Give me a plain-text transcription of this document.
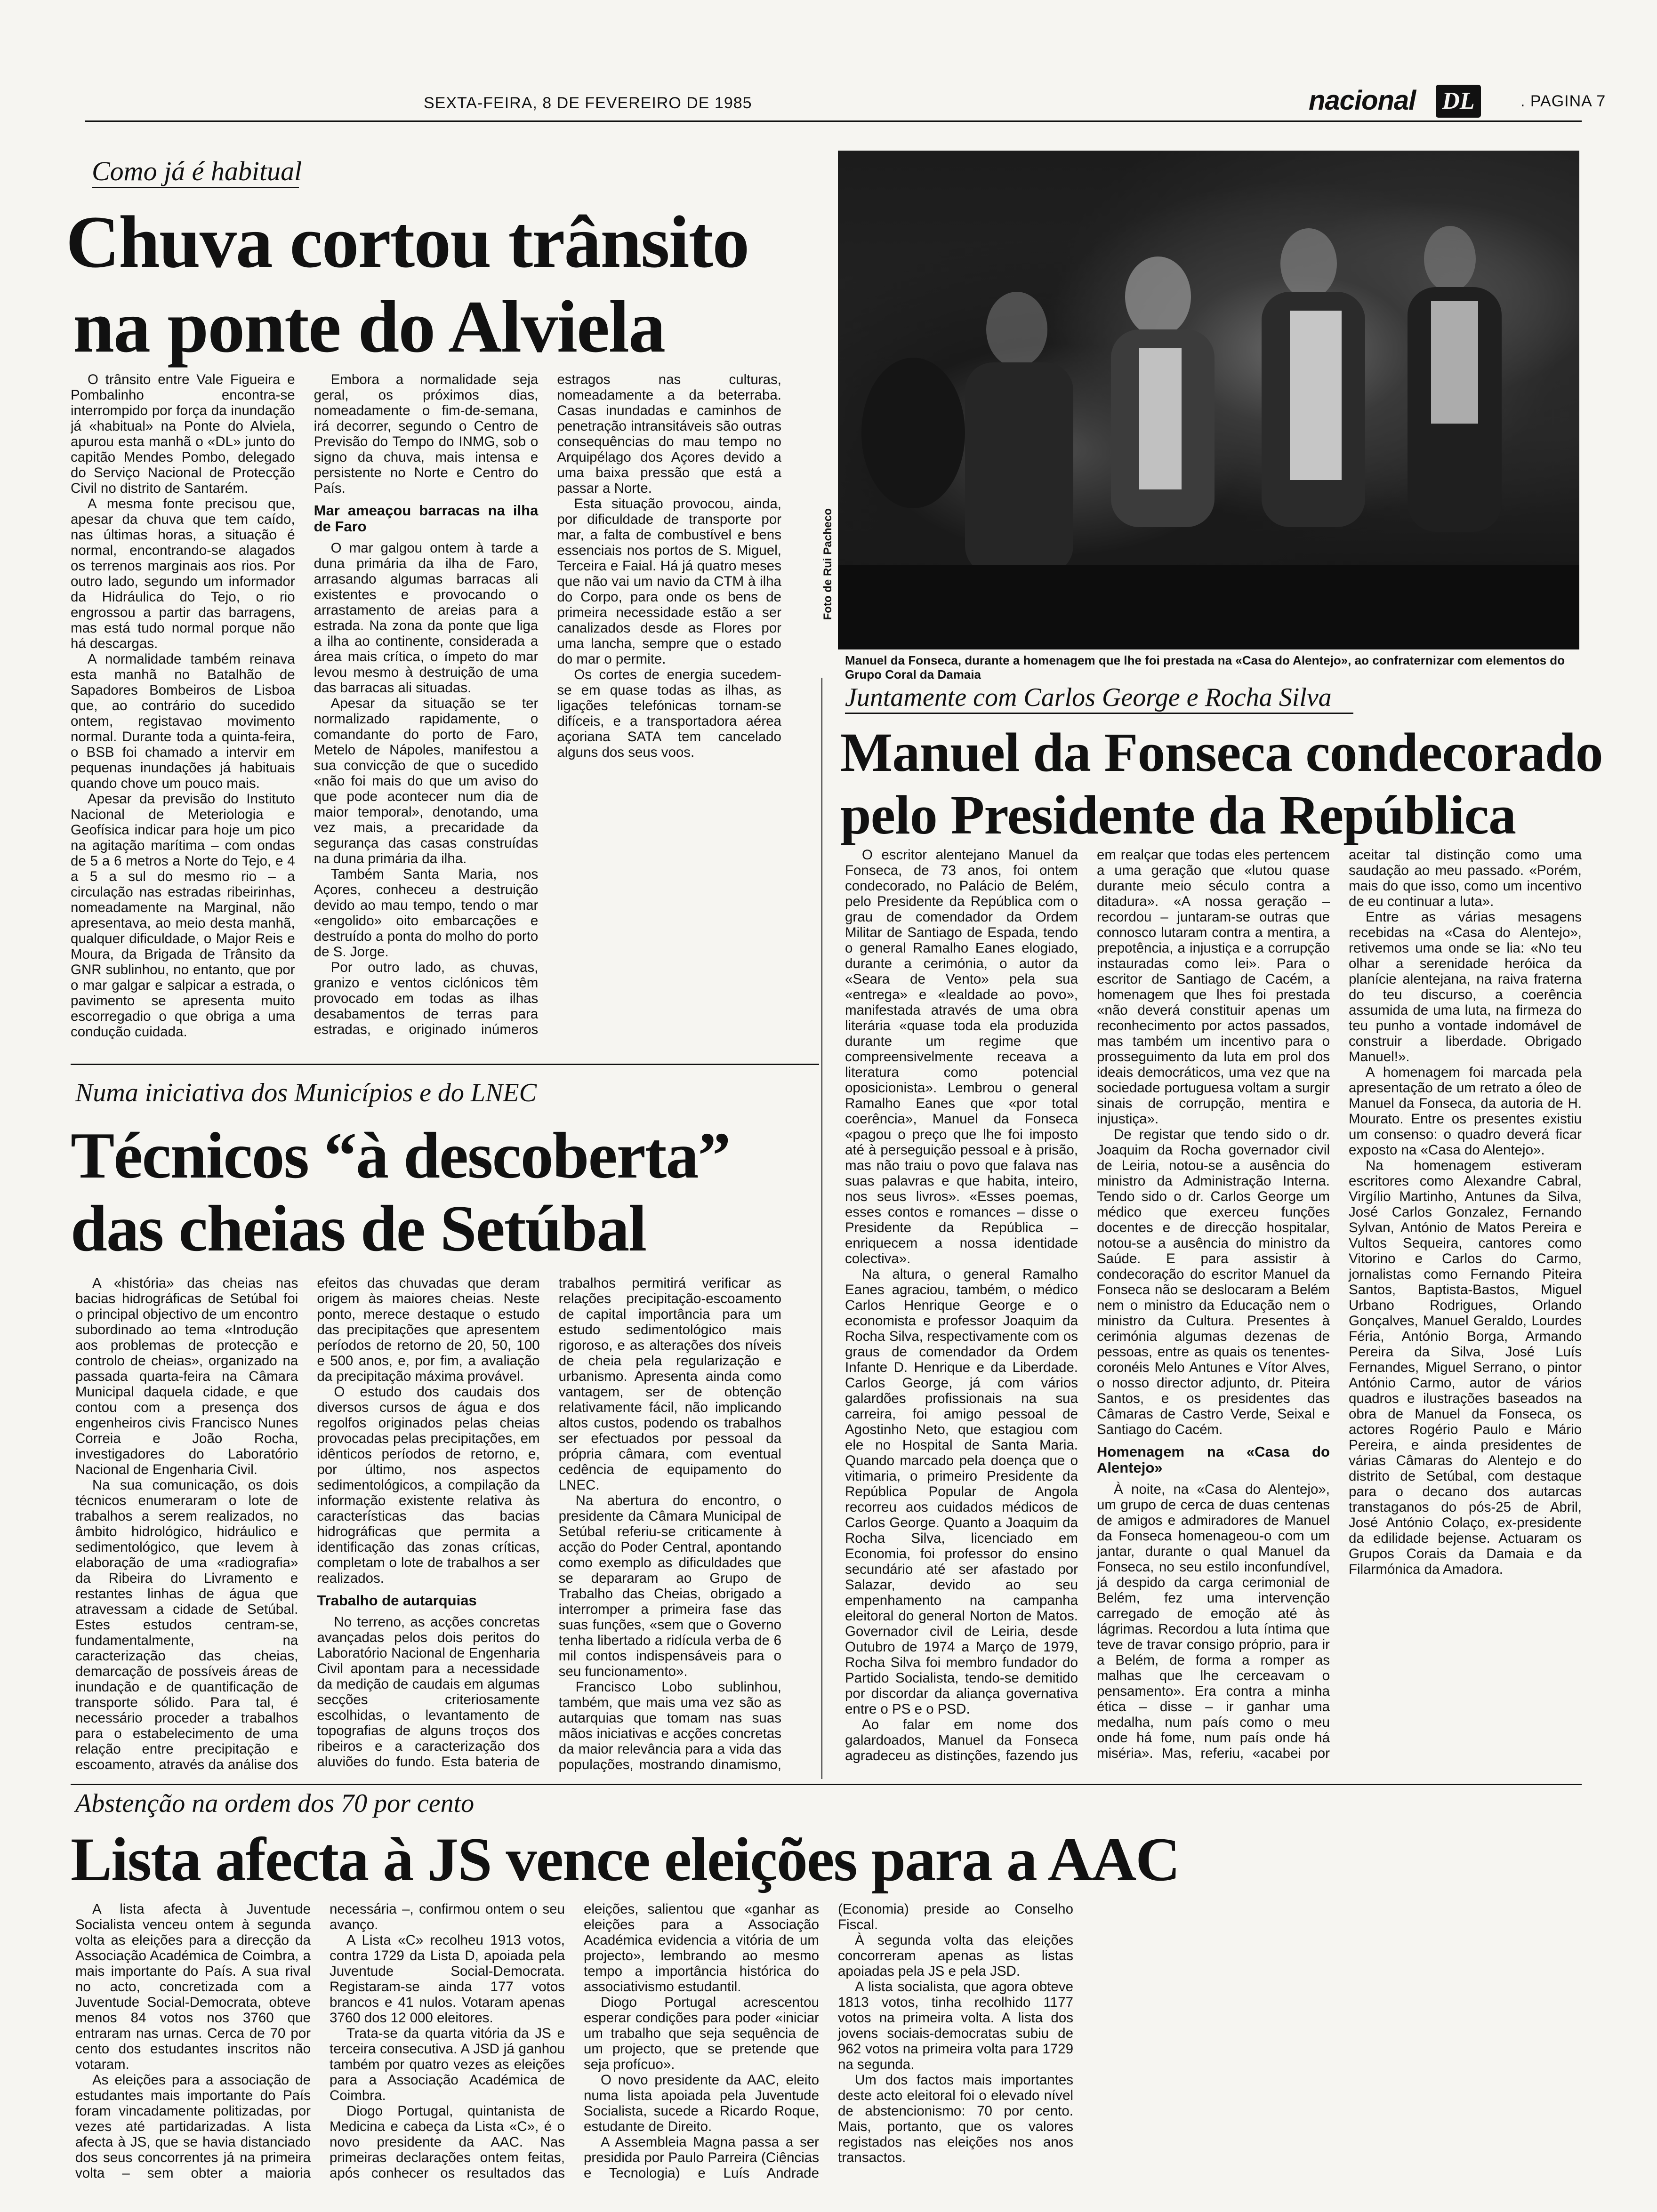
SEXTA-FEIRA, 8 DE FEVEREIRO DE 1985	nacional DL	. PAGINA 7
Como já é habitual
Chuva cortou trânsito
na ponte do Alviela

O trânsito entre Vale Figueira e Pombalinho encontra-se interrompido por força da inundação já «habitual» na Ponte do Alviela, apurou esta manhã o «DL» junto do capitão Mendes Pombo, delegado do Serviço Nacional de Protecção Civil no distrito de Santarém.

A mesma fonte precisou que, apesar da chuva que tem caído, nas últimas horas, a situação é normal, encontrando-se alagados os terrenos marginais aos rios. Por outro lado, segundo um informador da Hidráulica do Tejo, o rio engrossou a partir das barragens, mas está tudo normal porque não há descargas.

A normalidade também reinava esta manhã no Batalhão de Sapadores Bombeiros de Lisboa que, ao contrário do sucedido ontem, registavao movimento normal. Durante toda a quinta-feira, o BSB foi chamado a intervir em pequenas inundações já habituais quando chove um pouco mais.

Apesar da previsão do Instituto Nacional de Meteriologia e Geofísica indicar para hoje um pico na agitação marítima – com ondas de 5 a 6 metros a Norte do Tejo, e 4 a 5 a sul do mesmo rio – a circulação nas estradas ribeirinhas, nomeadamente na Marginal, não apresentava, ao meio desta manhã, qualquer dificuldade, o Major Reis e Moura, da Brigada de Trânsito da GNR sublinhou, no entanto, que por o mar galgar e salpicar a estrada, o pavimento se apresenta muito escorregadio o que obriga a uma condução cuidada.

Embora a normalidade seja geral, os próximos dias, nomeadamente o fim-de-semana, irá decorrer, segundo o Centro de Previsão do Tempo do INMG, sob o signo da chuva, mais intensa e persistente no Norte e Centro do País.

Mar ameaçou barracas na ilha de Faro

O mar galgou ontem à tarde a duna primária da ilha de Faro, arrasando algumas barracas ali existentes e provocando o arrastamento de areias para a estrada. Na zona da ponte que liga a ilha ao continente, considerada a área mais crítica, o ímpeto do mar levou mesmo à destruição de uma das barracas ali situadas.

Apesar da situação se ter normalizado rapidamente, o comandante do porto de Faro, Metelo de Nápoles, manifestou a sua convicção de que o sucedido «não foi mais do que um aviso do que pode acontecer num dia de maior temporal», denotando, uma vez mais, a precaridade da segurança das casas construídas na duna primária da ilha.

Também Santa Maria, nos Açores, conheceu a destruição devido ao mau tempo, tendo o mar «engolido» oito embarcações e destruído a ponta do molho do porto de S. Jorge.

Por outro lado, as chuvas, granizo e ventos ciclónicos têm provocado em todas as ilhas desabamentos de terras para estradas, e originado inúmeros estragos nas culturas, nomeadamente a da beterraba. Casas inundadas e caminhos de penetração intransitáveis são outras consequências do mau tempo no Arquipélago dos Açores devido a uma baixa pressão que está a passar a Norte.

Esta situação provocou, ainda, por dificuldade de transporte por mar, a falta de combustível e bens essenciais nos portos de S. Miguel, Terceira e Faial. Há já quatro meses que não vai um navio da CTM à ilha do Corpo, para onde os bens de primeira necessidade estão a ser canalizados desde as Flores por uma lancha, sempre que o estado do mar o permite.

Os cortes de energia sucedem-se em quase todas as ilhas, as ligações telefónicas tornam-se difíceis, e a transportadora aérea açoriana SATA tem cancelado alguns dos seus voos.

Foto de Rui Pacheco
Manuel da Fonseca, durante a homenagem que lhe foi prestada na «Casa do Alentejo», ao confraternizar com elementos do Grupo Coral da Damaia
Juntamente com Carlos George e Rocha Silva
Manuel da Fonseca condecorado
pelo Presidente da República

O escritor alentejano Manuel da Fonseca, de 73 anos, foi ontem condecorado, no Palácio de Belém, pelo Presidente da República com o grau de comendador da Ordem Militar de Santiago de Espada, tendo o general Ramalho Eanes elogiado, durante a cerimónia, o autor da «Seara de Vento» pela sua «entrega» e «lealdade ao povo», manifestada através de uma obra literária «quase toda ela produzida durante um regime que compreensivelmente receava a literatura como potencial oposicionista». Lembrou o general Ramalho Eanes que «por total coerência», Manuel da Fonseca «pagou o preço que lhe foi imposto até à perseguição pessoal e à prisão, mas não traiu o povo que falava nas suas palavras e que habita, inteiro, nos seus livros». «Esses poemas, esses contos e romances – disse o Presidente da República – enriquecem a nossa identidade colectiva».

Na altura, o general Ramalho Eanes agraciou, também, o médico Carlos Henrique George e o economista e professor Joaquim da Rocha Silva, respectivamente com os graus de comendador da Ordem Infante D. Henrique e da Liberdade. Carlos George, já com vários galardões profissionais na sua carreira, foi amigo pessoal de Agostinho Neto, que estagiou com ele no Hospital de Santa Maria. Quando marcado pela doença que o vitimaria, o primeiro Presidente da República Popular de Angola recorreu aos cuidados médicos de Carlos George. Quanto a Joaquim da Rocha Silva, licenciado em Economia, foi professor do ensino secundário até ser afastado por Salazar, devido ao seu empenhamento na campanha eleitoral do general Norton de Matos. Governador civil de Leiria, desde Outubro de 1974 a Março de 1979, Rocha Silva foi membro fundador do Partido Socialista, tendo-se demitido por discordar da aliança governativa entre o PS e o PSD.

Ao falar em nome dos galardoados, Manuel da Fonseca agradeceu as distinções, fazendo jus em realçar que todas eles pertencem a uma geração que «lutou quase durante meio século contra a ditadura». «A nossa geração – recordou – juntaram-se outras que connosco lutaram contra a mentira, a prepotência, a injustiça e a corrupção instauradas como lei». Para o escritor de Santiago de Cacém, a homenagem que lhes foi prestada «não deverá constituir apenas um reconhecimento por actos passados, mas também um incentivo para o prosseguimento da luta em prol dos ideais democráticos, uma vez que na sociedade portuguesa voltam a surgir sinais de corrupção, mentira e injustiça».

De registar que tendo sido o dr. Joaquim da Rocha governador civil de Leiria, notou-se a ausência do ministro da Administração Interna. Tendo sido o dr. Carlos George um médico que exerceu funções docentes e de direcção hospitalar, notou-se a ausência do ministro da Saúde. E para assistir à condecoração do escritor Manuel da Fonseca não se deslocaram a Belém nem o ministro da Educação nem o ministro da Cultura. Presentes à cerimónia algumas dezenas de pessoas, entre as quais os tenentes-coronéis Melo Antunes e Vítor Alves, o nosso director adjunto, dr. Piteira Santos, e os presidentes das Câmaras de Castro Verde, Seixal e Santiago do Cacém.

Homenagem na «Casa do Alentejo»

À noite, na «Casa do Alentejo», um grupo de cerca de duas centenas de amigos e admiradores de Manuel da Fonseca homenageou-o com um jantar, durante o qual Manuel da Fonseca, no seu estilo inconfundível, já despido da carga cerimonial de Belém, fez uma intervenção carregado de emoção até às lágrimas. Recordou a luta íntima que teve de travar consigo próprio, para ir a Belém, de forma a romper as malhas que lhe cerceavam o pensamento». Era contra a minha ética – disse – ir ganhar uma medalha, num país como o meu onde há fome, num país onde há miséria». Mas, referiu, «acabei por aceitar tal distinção como uma saudação ao meu passado. «Porém, mais do que isso, como um incentivo de eu continuar a luta».

Entre as várias mesagens recebidas na «Casa do Alentejo», retivemos uma onde se lia: «No teu olhar a serenidade heróica da planície alentejana, na raiva fraterna do teu discurso, a coerência assumida de uma luta, na firmeza do teu punho a vontade indomável de construir a liberdade. Obrigado Manuel!».

A homenagem foi marcada pela apresentação de um retrato a óleo de Manuel da Fonseca, da autoria de H. Mourato. Entre os presentes existiu um consenso: o quadro deverá ficar exposto na «Casa do Alentejo».

Na homenagem estiveram escritores como Alexandre Cabral, Virgílio Martinho, Antunes da Silva, José Carlos Gonzalez, Fernando Sylvan, António de Matos Pereira e Vultos Sequeira, cantores como Vitorino e Carlos do Carmo, jornalistas como Fernando Piteira Santos, Baptista-Bastos, Miguel Urbano Rodrigues, Orlando Gonçalves, Manuel Geraldo, Lourdes Féria, António Borga, Armando Pereira da Silva, José Luís Fernandes, Miguel Serrano, o pintor António Carmo, autor de vários quadros e ilustrações baseados na obra de Manuel da Fonseca, os actores Rogério Paulo e Mário Pereira, e ainda presidentes de várias Câmaras do Alentejo e do distrito de Setúbal, com destaque para o decano dos autarcas transtaganos do pós-25 de Abril, José António Colaço, ex-presidente da edilidade bejense. Actuaram os Grupos Corais da Damaia e da Filarmónica da Amadora.

Numa iniciativa dos Municípios e do LNEC
Técnicos “à descoberta”
das cheias de Setúbal

A «história» das cheias nas bacias hidrográficas de Setúbal foi o principal objectivo de um encontro subordinado ao tema «Introdução aos problemas de protecção e controlo de cheias», organizado na passada quarta-feira na Câmara Municipal daquela cidade, e que contou com a presença dos engenheiros civis Francisco Nunes Correia e João Rocha, investigadores do Laboratório Nacional de Engenharia Civil.

Na sua comunicação, os dois técnicos enumeraram o lote de trabalhos a serem realizados, no âmbito hidrológico, hidráulico e sedimentológico, que levem à elaboração de uma «radiografia» da Ribeira do Livramento e restantes linhas de água que atravessam a cidade de Setúbal. Estes estudos centram-se, fundamentalmente, na caracterização das cheias, demarcação de possíveis áreas de inundação e de quantificação de transporte sólido. Para tal, é necessário proceder a trabalhos para o estabelecimento de uma relação entre precipitação e escoamento, através da análise dos efeitos das chuvadas que deram origem às maiores cheias. Neste ponto, merece destaque o estudo das precipitações que apresentem períodos de retorno de 20, 50, 100 e 500 anos, e, por fim, a avaliação da precipitação máxima provável.

O estudo dos caudais dos diversos cursos de água e dos regolfos originados pelas cheias provocadas pelas precipitações, em idênticos períodos de retorno, e, por último, nos aspectos sedimentológicos, a compilação da informação existente relativa às características das bacias hidrográficas que permita a identificação das zonas críticas, completam o lote de trabalhos a ser realizados.

Trabalho de autarquias

No terreno, as acções concretas avançadas pelos dois peritos do Laboratório Nacional de Engenharia Civil apontam para a necessidade da medição de caudais em algumas secções criteriosamente escolhidas, o levantamento de topografias de alguns troços dos ribeiros e a caracterização dos aluviões do fundo. Esta bateria de trabalhos permitirá verificar as relações precipitação-escoamento de capital importância para um estudo sedimentológico mais rigoroso, e as alterações dos níveis de cheia pela regularização e urbanismo. Apresenta ainda como vantagem, ser de obtenção relativamente fácil, não implicando altos custos, podendo os trabalhos ser efectuados por pessoal da própria câmara, com eventual cedência de equipamento do LNEC.

Na abertura do encontro, o presidente da Câmara Municipal de Setúbal referiu-se criticamente à acção do Poder Central, apontando como exemplo as dificuldades que se depararam ao Grupo de Trabalho das Cheias, obrigado a interromper a primeira fase das suas funções, «sem que o Governo tenha libertado a ridícula verba de 6 mil contos indispensáveis para o seu funcionamento».

Francisco Lobo sublinhou, também, que mais uma vez são as autarquias que tomam nas suas mãos iniciativas e acções concretas da maior relevância para a vida das populações, mostrando dinamismo,

Abstenção na ordem dos 70 por cento
Lista afecta à JS vence eleições para a AAC

A lista afecta à Juventude Socialista venceu ontem à segunda volta as eleições para a direcção da Associação Académica de Coimbra, a mais importante do País. A sua rival no acto, concretizada com a Juventude Social-Democrata, obteve menos 84 votos nos 3760 que entraram nas urnas. Cerca de 70 por cento dos estudantes inscritos não votaram.

As eleições para a associação de estudantes mais importante do País foram vincadamente politizadas, por vezes até partidarizadas. A lista afecta à JS, que se havia distanciado dos seus concorrentes já na primeira volta – sem obter a maioria necessária –, confirmou ontem o seu avanço.

A Lista «C» recolheu 1913 votos, contra 1729 da Lista D, apoiada pela Juventude Social-Democrata. Registaram-se ainda 177 votos brancos e 41 nulos. Votaram apenas 3760 dos 12 000 eleitores.

Trata-se da quarta vitória da JS e terceira consecutiva. A JSD já ganhou também por quatro vezes as eleições para a Associação Académica de Coimbra.

Diogo Portugal, quintanista de Medicina e cabeça da Lista «C», é o novo presidente da AAC. Nas primeiras declarações ontem feitas, após conhecer os resultados das eleições, salientou que «ganhar as eleições para a Associação Académica evidencia a vitória de um projecto», lembrando ao mesmo tempo a importância histórica do associativismo estudantil.

Diogo Portugal acrescentou esperar condições para poder «iniciar um trabalho que seja sequência de um projecto, que se pretende que seja profícuo».

O novo presidente da AAC, eleito numa lista apoiada pela Juventude Socialista, sucede a Ricardo Roque, estudante de Direito.

A Assembleia Magna passa a ser presidida por Paulo Parreira (Ciências e Tecnologia) e Luís Andrade (Economia) preside ao Conselho Fiscal.

À segunda volta das eleições concorreram apenas as listas apoiadas pela JS e pela JSD.

A lista socialista, que agora obteve 1813 votos, tinha recolhido 1177 votos na primeira volta. A lista dos jovens sociais-democratas subiu de 962 votos na primeira volta para 1729 na segunda.

Um dos factos mais importantes deste acto eleitoral foi o elevado nível de abstencionismo: 70 por cento. Mais, portanto, que os valores registados nas eleições nos anos transactos.
